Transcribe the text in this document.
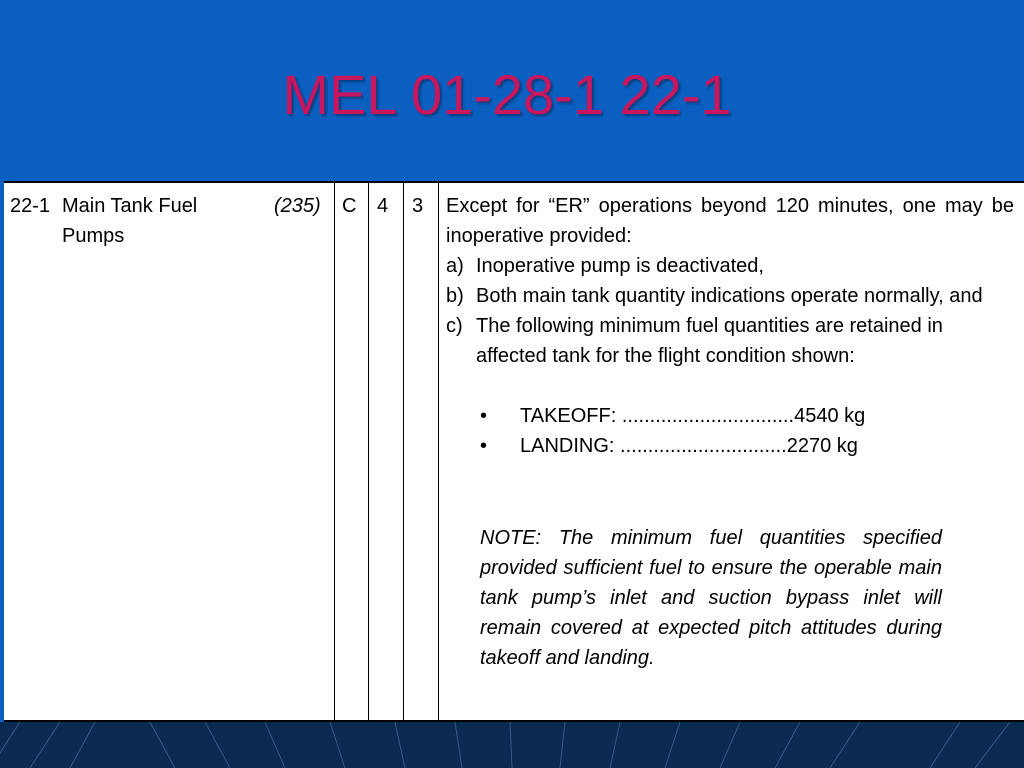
MEL 01-28-1 22-1
22-1 Main Tank Fuel Pumps
(235) C 4 3 Except for “ER” operations beyond 120 minutes, one may be inoperative provided:
a) Inoperative pump is deactivated,
b) Both main tank quantity indications operate normally, and
c) The following minimum fuel quantities are retained in affected tank for the flight condition shown:
•	TAKEOFF: ...............................4540 kg
•	LANDING: ..............................2270 kg
NOTE: The minimum fuel quantities specified provided sufficient fuel to ensure the operable main tank pump’s inlet and suction bypass inlet will remain covered at expected pitch attitudes during takeoff and landing.
